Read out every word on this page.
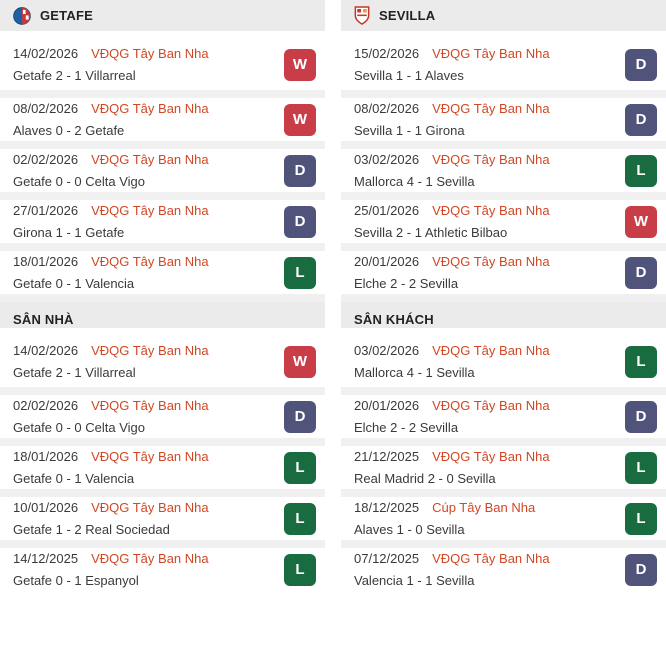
GETAFE
14/02/2026 VĐQG Tây Ban Nha
Getafe 2 - 1 Villarreal
W
08/02/2026 VĐQG Tây Ban Nha
Alaves 0 - 2 Getafe
W
02/02/2026 VĐQG Tây Ban Nha
Getafe 0 - 0 Celta Vigo
D
27/01/2026 VĐQG Tây Ban Nha
Girona 1 - 1 Getafe
D
18/01/2026 VĐQG Tây Ban Nha
Getafe 0 - 1 Valencia
L
SÂN NHÀ
14/02/2026 VĐQG Tây Ban Nha
Getafe 2 - 1 Villarreal
W
02/02/2026 VĐQG Tây Ban Nha
Getafe 0 - 0 Celta Vigo
D
18/01/2026 VĐQG Tây Ban Nha
Getafe 0 - 1 Valencia
L
10/01/2026 VĐQG Tây Ban Nha
Getafe 1 - 2 Real Sociedad
L
14/12/2025 VĐQG Tây Ban Nha
Getafe 0 - 1 Espanyol
L
SEVILLA
15/02/2026 VĐQG Tây Ban Nha
Sevilla 1 - 1 Alaves
D
08/02/2026 VĐQG Tây Ban Nha
Sevilla 1 - 1 Girona
D
03/02/2026 VĐQG Tây Ban Nha
Mallorca 4 - 1 Sevilla
L
25/01/2026 VĐQG Tây Ban Nha
Sevilla 2 - 1 Athletic Bilbao
W
20/01/2026 VĐQG Tây Ban Nha
Elche 2 - 2 Sevilla
D
SÂN KHÁCH
03/02/2026 VĐQG Tây Ban Nha
Mallorca 4 - 1 Sevilla
L
20/01/2026 VĐQG Tây Ban Nha
Elche 2 - 2 Sevilla
D
21/12/2025 VĐQG Tây Ban Nha
Real Madrid 2 - 0 Sevilla
L
18/12/2025 Cúp Tây Ban Nha
Alaves 1 - 0 Sevilla
L
07/12/2025 VĐQG Tây Ban Nha
Valencia 1 - 1 Sevilla
D
